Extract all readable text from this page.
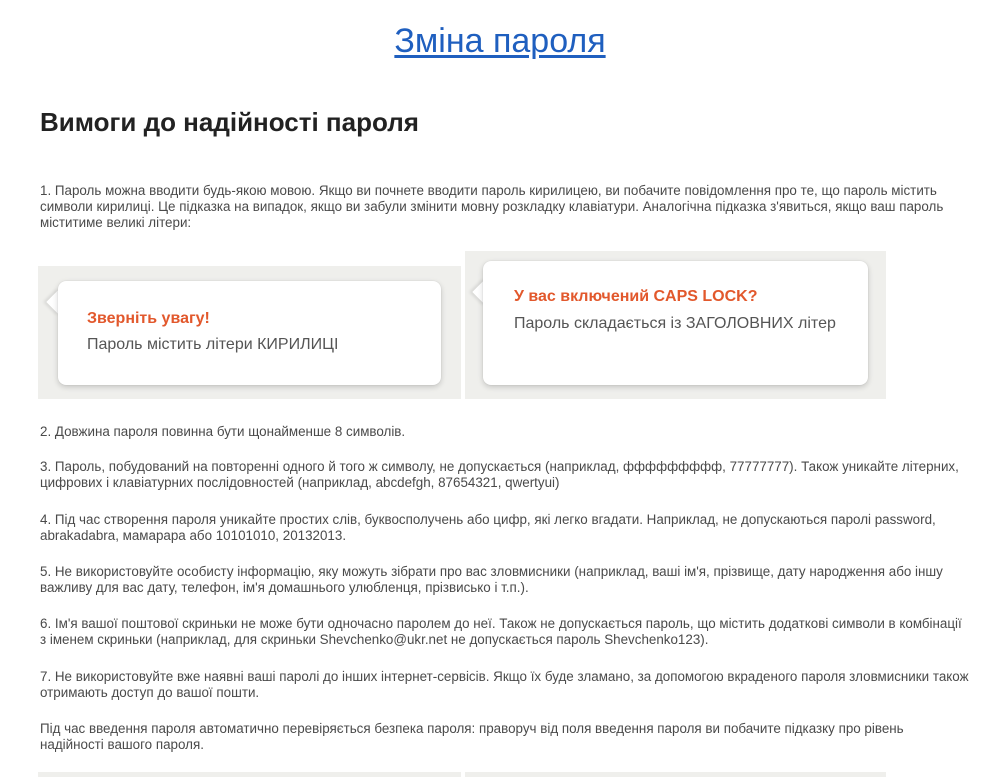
Зміна пароля
Вимоги до надійності пароля
1. Пароль можна вводити будь-якою мовою. Якщо ви почнете вводити пароль кирилицею, ви побачите повідомлення про те, що пароль містить символи кирилиці. Це підказка на випадок, якщо ви забули змінити мовну розкладку клавіатури. Аналогічна підказка з'явиться, якщо ваш пароль міститиме великі літери:
Зверніть увагу!
Пароль містить літери КИРИЛИЦІ
У вас включений CAPS LOCK?
Пароль складається із ЗАГОЛОВНИХ літер
2. Довжина пароля повинна бути щонайменше 8 символів.
3. Пароль, побудований на повторенні одного й того ж символу, не допускається (наприклад, ффффффффф, 77777777). Також уникайте літерних, цифрових і клавіатурних послідовностей (наприклад, abcdefgh, 87654321, qwertyui)
4. Під час створення пароля уникайте простих слів, буквосполучень або цифр, які легко вгадати. Наприклад, не допускаються паролі password, abrakadabra, мамарара або 10101010, 20132013.
5. Не використовуйте особисту інформацію, яку можуть зібрати про вас зловмисники (наприклад, ваші ім'я, прізвище, дату народження або іншу важливу для вас дату, телефон, ім'я домашнього улюбленця, прізвисько і т.п.).
6. Ім'я вашої поштової скриньки не може бути одночасно паролем до неї. Також не допускається пароль, що містить додаткові символи в комбінації з іменем скриньки (наприклад, для скриньки Shevchenko@ukr.net не допускається пароль Shevchenko123).
7. Не використовуйте вже наявні ваші паролі до інших інтернет-сервісів. Якщо їх буде зламано, за допомогою вкраденого пароля зловмисники також отримають доступ до вашої пошти.
Під час введення пароля автоматично перевіряється безпека пароля: праворуч від поля введення пароля ви побачите підказку про рівень надійності вашого пароля.
